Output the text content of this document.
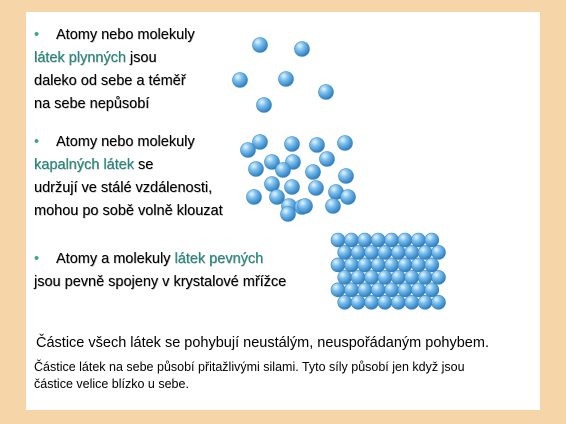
• Atomy nebo molekuly
látek plynných jsou
daleko od sebe a téměř
na sebe nepůsobí
• Atomy nebo molekuly
kapalných látek se
udržují ve stálé vzdálenosti,
mohou po sobě volně klouzat
• Atomy a molekuly látek pevných
jsou pevně spojeny v krystalové mřížce
Částice všech látek se pohybují neustálým, neuspořádaným pohybem.
Částice látek na sebe působí přitažlivými silami. Tyto síly působí jen když jsou
částice velice blízko u sebe.
